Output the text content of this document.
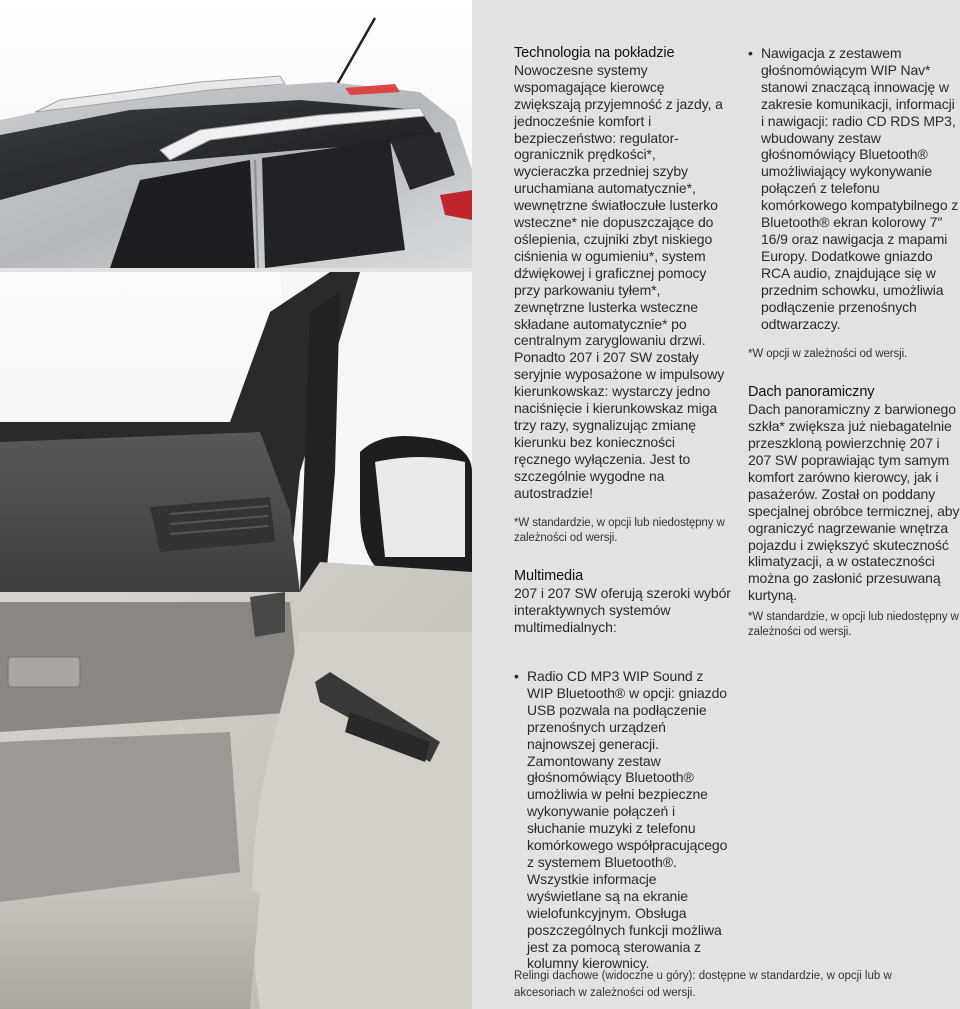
Technologia na pokładzie

Nowoczesne systemy wspomagające kierowcę zwiększają przyjemność z jazdy, a jednocześnie komfort i bezpieczeństwo: regulator-ogranicznik prędkości*, wycieraczka przedniej szyby uruchamiana automatycznie*, wewnętrzne światłoczułe lusterko wsteczne* nie dopuszczające do oślepienia, czujniki zbyt niskiego ciśnienia w ogumieniu*, system dźwiękowej i graficznej pomocy przy parkowaniu tyłem*, zewnętrzne lusterka wsteczne składane automatycznie* po centralnym zaryglowaniu drzwi. Ponadto 207 i 207 SW zostały seryjnie wyposażone w impulsowy kierunkowskaz: wystarczy jedno naciśnięcie i kierunkowskaz miga trzy razy, sygnalizując zmianę kierunku bez konieczności ręcznego wyłączenia. Jest to szczególnie wygodne na autostradzie!

*W standardzie, w opcji lub niedostępny w zależności od wersji.

Multimedia

207 i 207 SW oferują szeroki wybór interaktywnych systemów multimedialnych:

• Radio CD MP3 WIP Sound z WIP Bluetooth® w opcji: gniazdo USB pozwala na podłączenie przenośnych urządzeń najnowszej generacji. Zamontowany zestaw głośnomówiący Bluetooth® umożliwia w pełni bezpieczne wykonywanie połączeń i słuchanie muzyki z telefonu komórkowego współpracującego z systemem Bluetooth®. Wszystkie informacje wyświetlane są na ekranie wielofunkcyjnym. Obsługa poszczególnych funkcji możliwa jest za pomocą sterowania z kolumny kierownicy.
• Nawigacja z zestawem głośnomówiącym WIP Nav* stanowi znaczącą innowację w zakresie komunikacji, informacji i nawigacji: radio CD RDS MP3, wbudowany zestaw głośnomówiący Bluetooth® umożliwiający wykonywanie połączeń z telefonu komórkowego kompatybilnego z Bluetooth® ekran kolorowy 7″ 16/9 oraz nawigacja z mapami Europy. Dodatkowe gniazdo RCA audio, znajdujące się w przednim schowku, umożliwia podłączenie przenośnych odtwarzaczy.

*W opcji w zależności od wersji.

Dach panoramiczny

Dach panoramiczny z barwionego szkła* zwiększa już niebagatelnie przeszkloną powierzchnię 207 i 207 SW poprawiając tym samym komfort zarówno kierowcy, jak i pasażerów. Został on poddany specjalnej obróbce termicznej, aby ograniczyć nagrzewanie wnętrza pojazdu i zwiększyć skuteczność klimatyzacji, a w ostateczności można go zasłonić przesuwaną kurtyną.

*W standardzie, w opcji lub niedostępny w zależności od wersji.

Relingi dachowe (widoczne u góry): dostępne w standardzie, w opcji lub w akcesoriach w zależności od wersji.
